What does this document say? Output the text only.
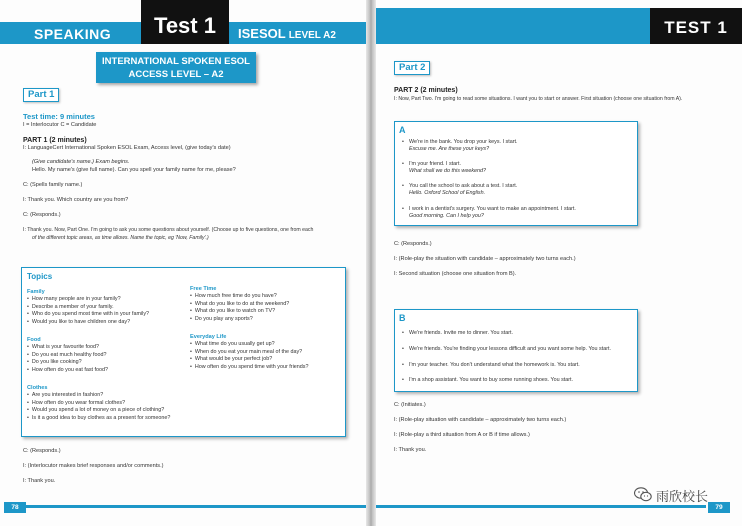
SPEAKING	Test 1	ISESOL LEVEL A2
INTERNATIONAL SPOKEN ESOL
ACCESS LEVEL – A2
Part 1
Test time: 9 minutes
I = Interlocutor C = Candidate
PART 1 (2 minutes)
I: LanguageCert International Spoken ESOL Exam, Access level, (give today's date)
(Give candidate's name.) Exam begins.
Hello. My name's (give full name). Can you spell your family name for me, please?
C: (Spells family name.)
I: Thank you. Which country are you from?
C: (Responds.)
I: Thank you. Now, Part One. I'm going to ask you some questions about yourself. (Choose up to five questions, one from each
of the different topic areas, as time allows. Name the topic, eg 'Now, Family'.)
Topics
Family
• How many people are in your family?
• Describe a member of your family.
• Who do you spend most time with in your family?
• Would you like to have children one day?
Food
• What is your favourite food?
• Do you eat much healthy food?
• Do you like cooking?
• How often do you eat fast food?
Clothes
• Are you interested in fashion?
• How often do you wear formal clothes?
• Would you spend a lot of money on a piece of clothing?
• Is it a good idea to buy clothes as a present for someone?
Free Time
• How much free time do you have?
• What do you like to do at the weekend?
• What do you like to watch on TV?
• Do you play any sports?
Everyday Life
• What time do you usually get up?
• When do you eat your main meal of the day?
• What would be your perfect job?
• How often do you spend time with your friends?
C: (Responds.)
I: (Interlocutor makes brief responses and/or comments.)
I: Thank you.
78
TEST 1
Part 2
PART 2 (2 minutes)
I: Now, Part Two. I'm going to read some situations. I want you to start or answer. First situation (choose one situation from A).
79
A
• We're in the bank. You drop your keys. I start.
Excuse me. Are these your keys?
• I'm your friend. I start.
What shall we do this weekend?
• You call the school to ask about a test. I start.
Hello. Oxford School of English.
• I work in a dentist's surgery. You want to make an appointment. I start.
Good morning. Can I help you?
C: (Responds.)
I: (Role-play the situation with candidate – approximately two turns each.)
I: Second situation (choose one situation from B).
B
• We're friends. Invite me to dinner. You start.
• We're friends. You're finding your lessons difficult and you want some help. You start.
• I'm your teacher. You don't understand what the homework is. You start.
• I'm a shop assistant. You want to buy some running shoes. You start.
C: (Initiates.)
I: (Role-play situation with candidate – approximately two turns each.)
I: (Role-play a third situation from A or B if time allows.)
I: Thank you.
雨欣校长
